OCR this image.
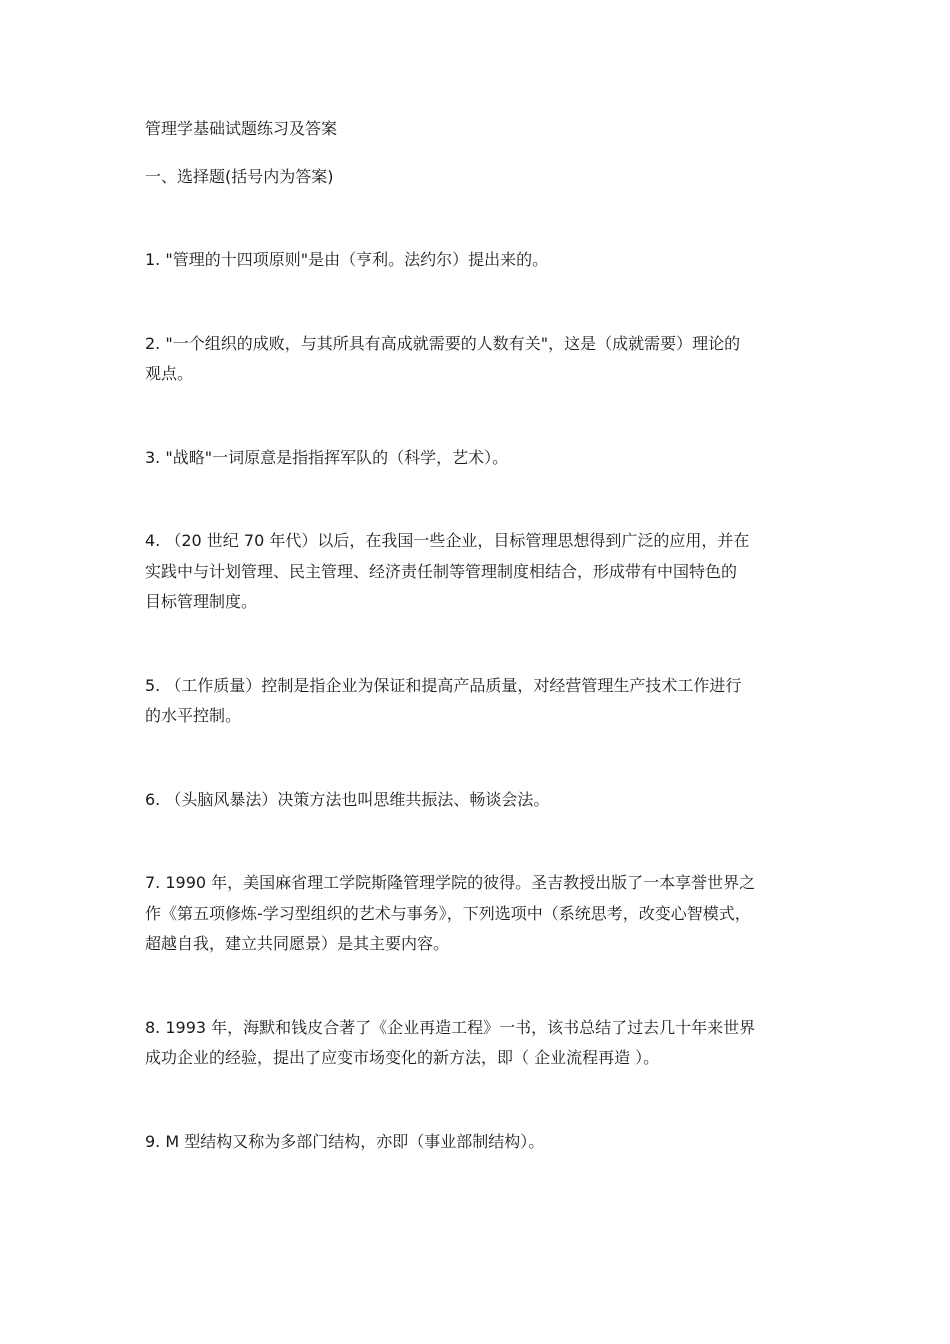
管理学基础试题练习及答案

一、选择题(括号内为答案)

1. "管理的十四项原则"是由（亨利。法约尔）提出来的。

2. "一个组织的成败，与其所具有高成就需要的人数有关"，这是（成就需要）理论的
观点。

3. "战略"一词原意是指指挥军队的（科学，艺术）。

4. （20 世纪 70 年代）以后，在我国一些企业，目标管理思想得到广泛的应用，并在
实践中与计划管理、民主管理、经济责任制等管理制度相结合，形成带有中国特色的
目标管理制度。

5. （工作质量）控制是指企业为保证和提高产品质量，对经营管理生产技术工作进行
的水平控制。

6. （头脑风暴法）决策方法也叫思维共振法、畅谈会法。

7. 1990 年，美国麻省理工学院斯隆管理学院的彼得。圣吉教授出版了一本享誉世界之
作《第五项修炼-学习型组织的艺术与事务》，下列选项中（系统思考，改变心智模式，
超越自我，建立共同愿景）是其主要内容。

8. 1993 年，海默和钱皮合著了《企业再造工程》一书，该书总结了过去几十年来世界
成功企业的经验，提出了应变市场变化的新方法，即（ 企业流程再造 ）。

9. M 型结构又称为多部门结构，亦即（事业部制结构）。
